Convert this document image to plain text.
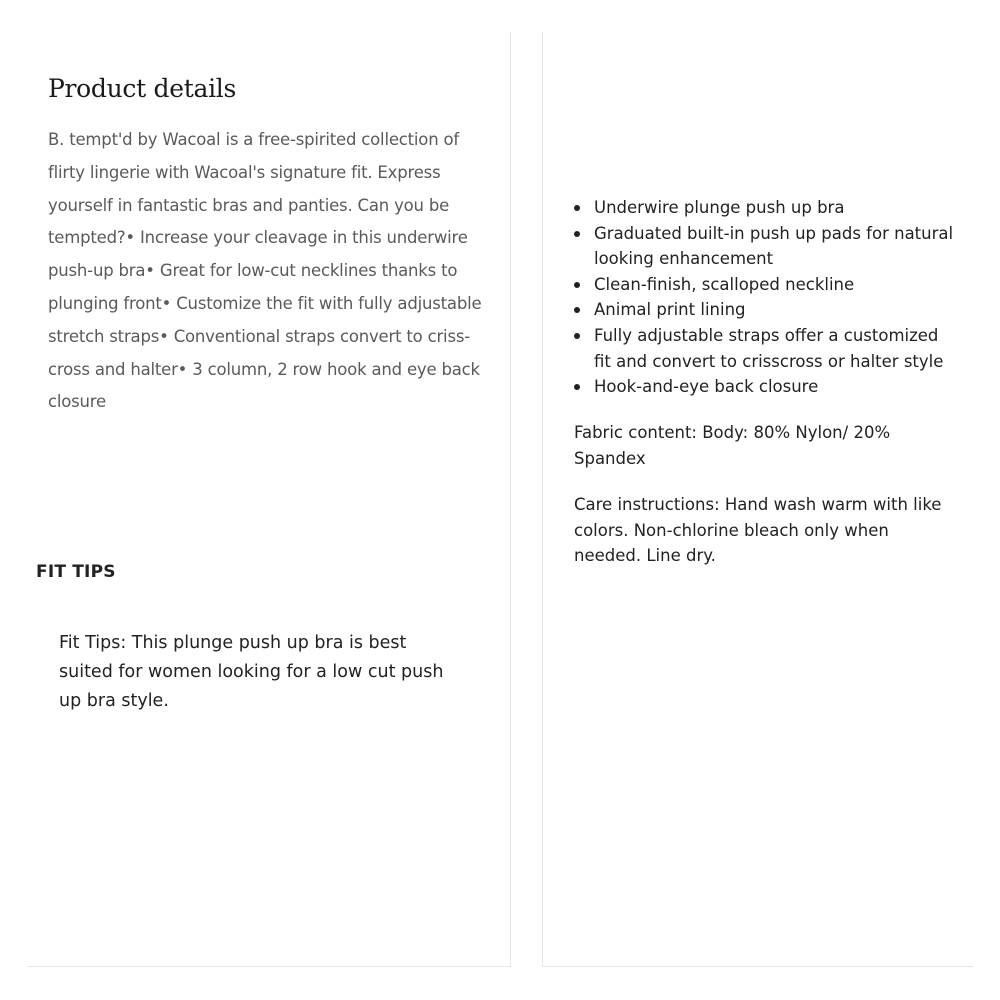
Product details

B. tempt'd by Wacoal is a free-spirited collection of
flirty lingerie with Wacoal's signature fit. Express
yourself in fantastic bras and panties. Can you be
tempted?• Increase your cleavage in this underwire
push-up bra• Great for low-cut necklines thanks to
plunging front• Customize the fit with fully adjustable
stretch straps• Conventional straps convert to criss-
cross and halter• 3 column, 2 row hook and eye back
closure

FIT TIPS

Fit Tips: This plunge push up bra is best
suited for women looking for a low cut push
up bra style.

Underwire plunge push up bra
Graduated built-in push up pads for natural
looking enhancement
Clean-finish, scalloped neckline
Animal print lining
Fully adjustable straps offer a customized
fit and convert to crisscross or halter style
Hook-and-eye back closure

Fabric content: Body: 80% Nylon/ 20%
Spandex

Care instructions: Hand wash warm with like
colors. Non-chlorine bleach only when
needed. Line dry.
